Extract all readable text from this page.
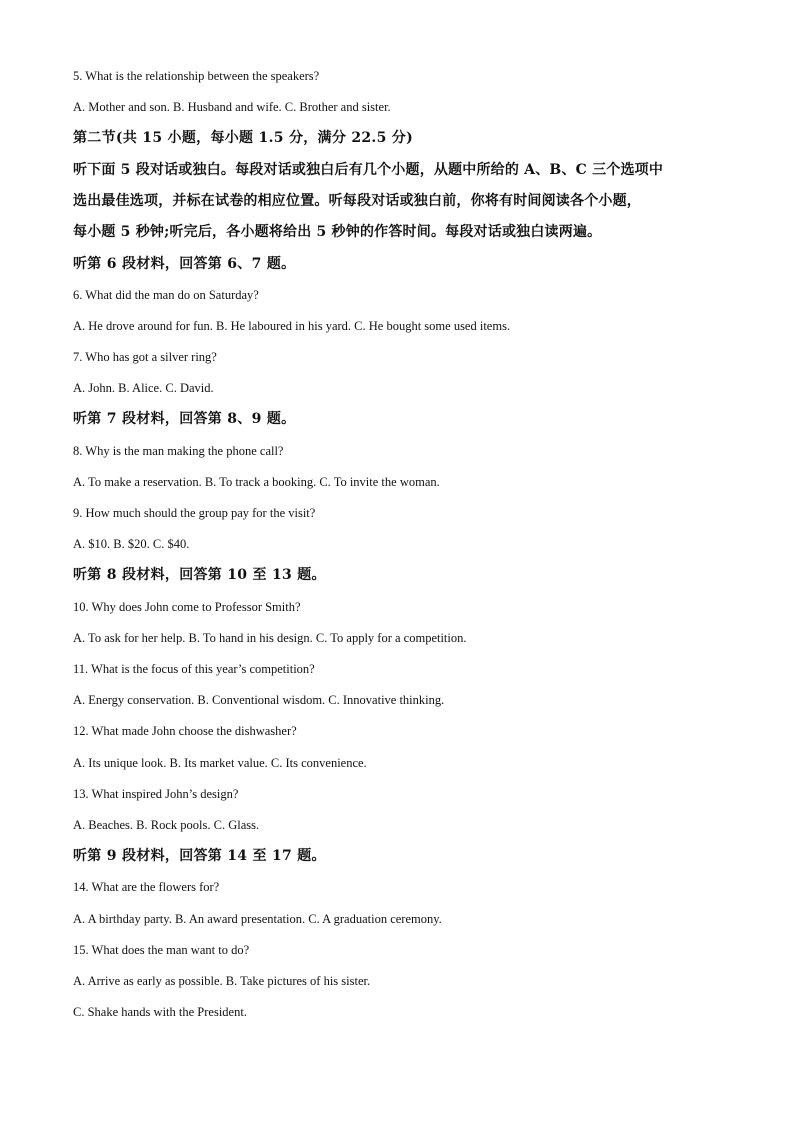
5. What is the relationship between the speakers?
A. Mother and son. B. Husband and wife. C. Brother and sister.
第二节(共 15 小题，每小题 1.5 分，满分 22.5 分)
听下面 5 段对话或独白。每段对话或独白后有几个小题，从题中所给的 A、B、C 三个选项中
选出最佳选项，并标在试卷的相应位置。听每段对话或独白前，你将有时间阅读各个小题，
每小题 5 秒钟;听完后，各小题将给出 5 秒钟的作答时间。每段对话或独白读两遍。
听第 6 段材料，回答第 6、7 题。
6. What did the man do on Saturday?
A. He drove around for fun. B. He laboured in his yard. C. He bought some used items.
7. Who has got a silver ring?
A. John. B. Alice. C. David.
听第 7 段材料，回答第 8、9 题。
8. Why is the man making the phone call?
A. To make a reservation. B. To track a booking. C. To invite the woman.
9. How much should the group pay for the visit?
A. $10. B. $20. C. $40.
听第 8 段材料，回答第 10 至 13 题。
10. Why does John come to Professor Smith?
A. To ask for her help. B. To hand in his design. C. To apply for a competition.
11. What is the focus of this year’s competition?
A. Energy conservation. B. Conventional wisdom. C. Innovative thinking.
12. What made John choose the dishwasher?
A. Its unique look. B. Its market value. C. Its convenience.
13. What inspired John’s design?
A. Beaches. B. Rock pools. C. Glass.
听第 9 段材料，回答第 14 至 17 题。
14. What are the flowers for?
A. A birthday party. B. An award presentation. C. A graduation ceremony.
15. What does the man want to do?
A. Arrive as early as possible. B. Take pictures of his sister.
C. Shake hands with the President.
